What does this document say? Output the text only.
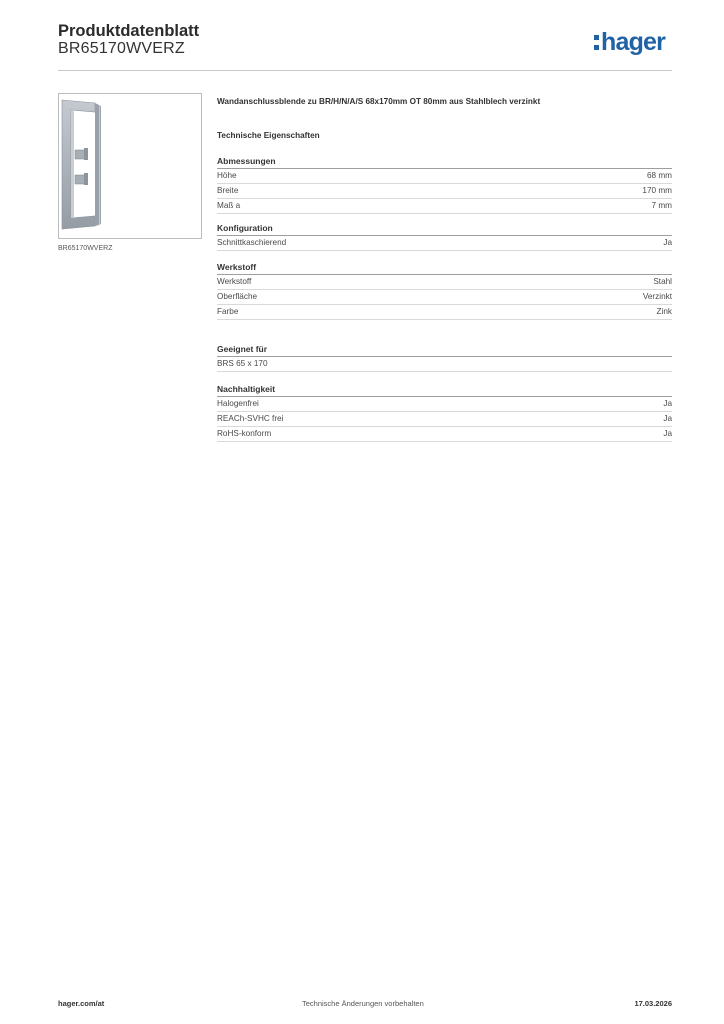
Produktdatenblatt
BR65170WVERZ	hager
BR65170WVERZ
Wandanschlussblende zu BR/H/N/A/S 68x170mm OT 80mm aus Stahlblech verzinkt
Technische Eigenschaften
Abmessungen
Höhe	68 mm
Breite	170 mm
Maß a	7 mm
Konfiguration
Schnittkaschierend	Ja
Werkstoff
Werkstoff	Stahl
Oberfläche	Verzinkt
Farbe	Zink
Geeignet für
BRS 65 x 170
Nachhaltigkeit
Halogenfrei	Ja
REACh-SVHC frei	Ja
RoHS-konform	Ja
hager.com/at	Technische Änderungen vorbehalten	17.03.2026
